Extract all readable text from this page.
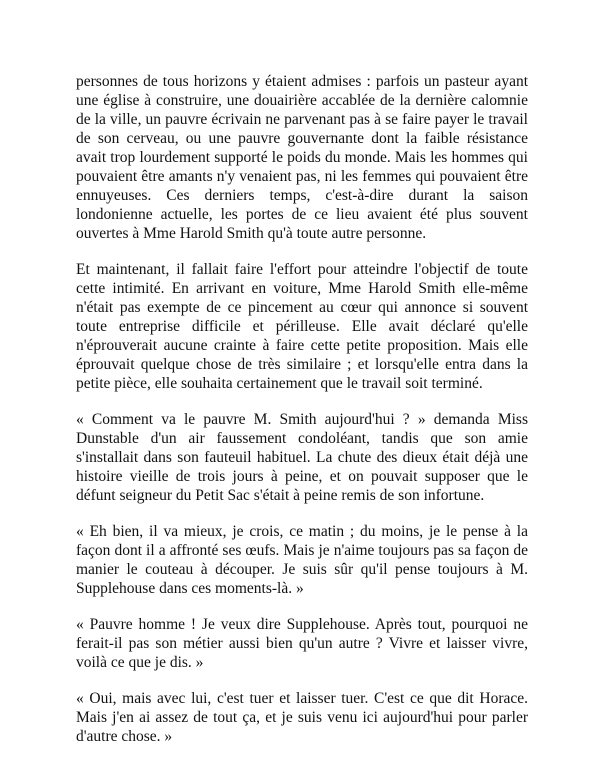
personnes de tous horizons y étaient admises : parfois un pasteur ayant une église à construire, une douairière accablée de la dernière calomnie de la ville, un pauvre écrivain ne parvenant pas à se faire payer le travail de son cerveau, ou une pauvre gouvernante dont la faible résistance avait trop lourdement supporté le poids du monde. Mais les hommes qui pouvaient être amants n'y venaient pas, ni les femmes qui pouvaient être ennuyeuses. Ces derniers temps, c'est-à-dire durant la saison londonienne actuelle, les portes de ce lieu avaient été plus souvent ouvertes à Mme Harold Smith qu'à toute autre personne.

Et maintenant, il fallait faire l'effort pour atteindre l'objectif de toute cette intimité. En arrivant en voiture, Mme Harold Smith elle-même n'était pas exempte de ce pincement au cœur qui annonce si souvent toute entreprise difficile et périlleuse. Elle avait déclaré qu'elle n'éprouverait aucune crainte à faire cette petite proposition. Mais elle éprouvait quelque chose de très similaire ; et lorsqu'elle entra dans la petite pièce, elle souhaita certainement que le travail soit terminé.

« Comment va le pauvre M. Smith aujourd'hui ? » demanda Miss Dunstable d'un air faussement condoléant, tandis que son amie s'installait dans son fauteuil habituel. La chute des dieux était déjà une histoire vieille de trois jours à peine, et on pouvait supposer que le défunt seigneur du Petit Sac s'était à peine remis de son infortune.

« Eh bien, il va mieux, je crois, ce matin ; du moins, je le pense à la façon dont il a affronté ses œufs. Mais je n'aime toujours pas sa façon de manier le couteau à découper. Je suis sûr qu'il pense toujours à M. Supplehouse dans ces moments-là. »

« Pauvre homme ! Je veux dire Supplehouse. Après tout, pourquoi ne ferait-il pas son métier aussi bien qu'un autre ? Vivre et laisser vivre, voilà ce que je dis. »

« Oui, mais avec lui, c'est tuer et laisser tuer. C'est ce que dit Horace. Mais j'en ai assez de tout ça, et je suis venu ici aujourd'hui pour parler d'autre chose. »
